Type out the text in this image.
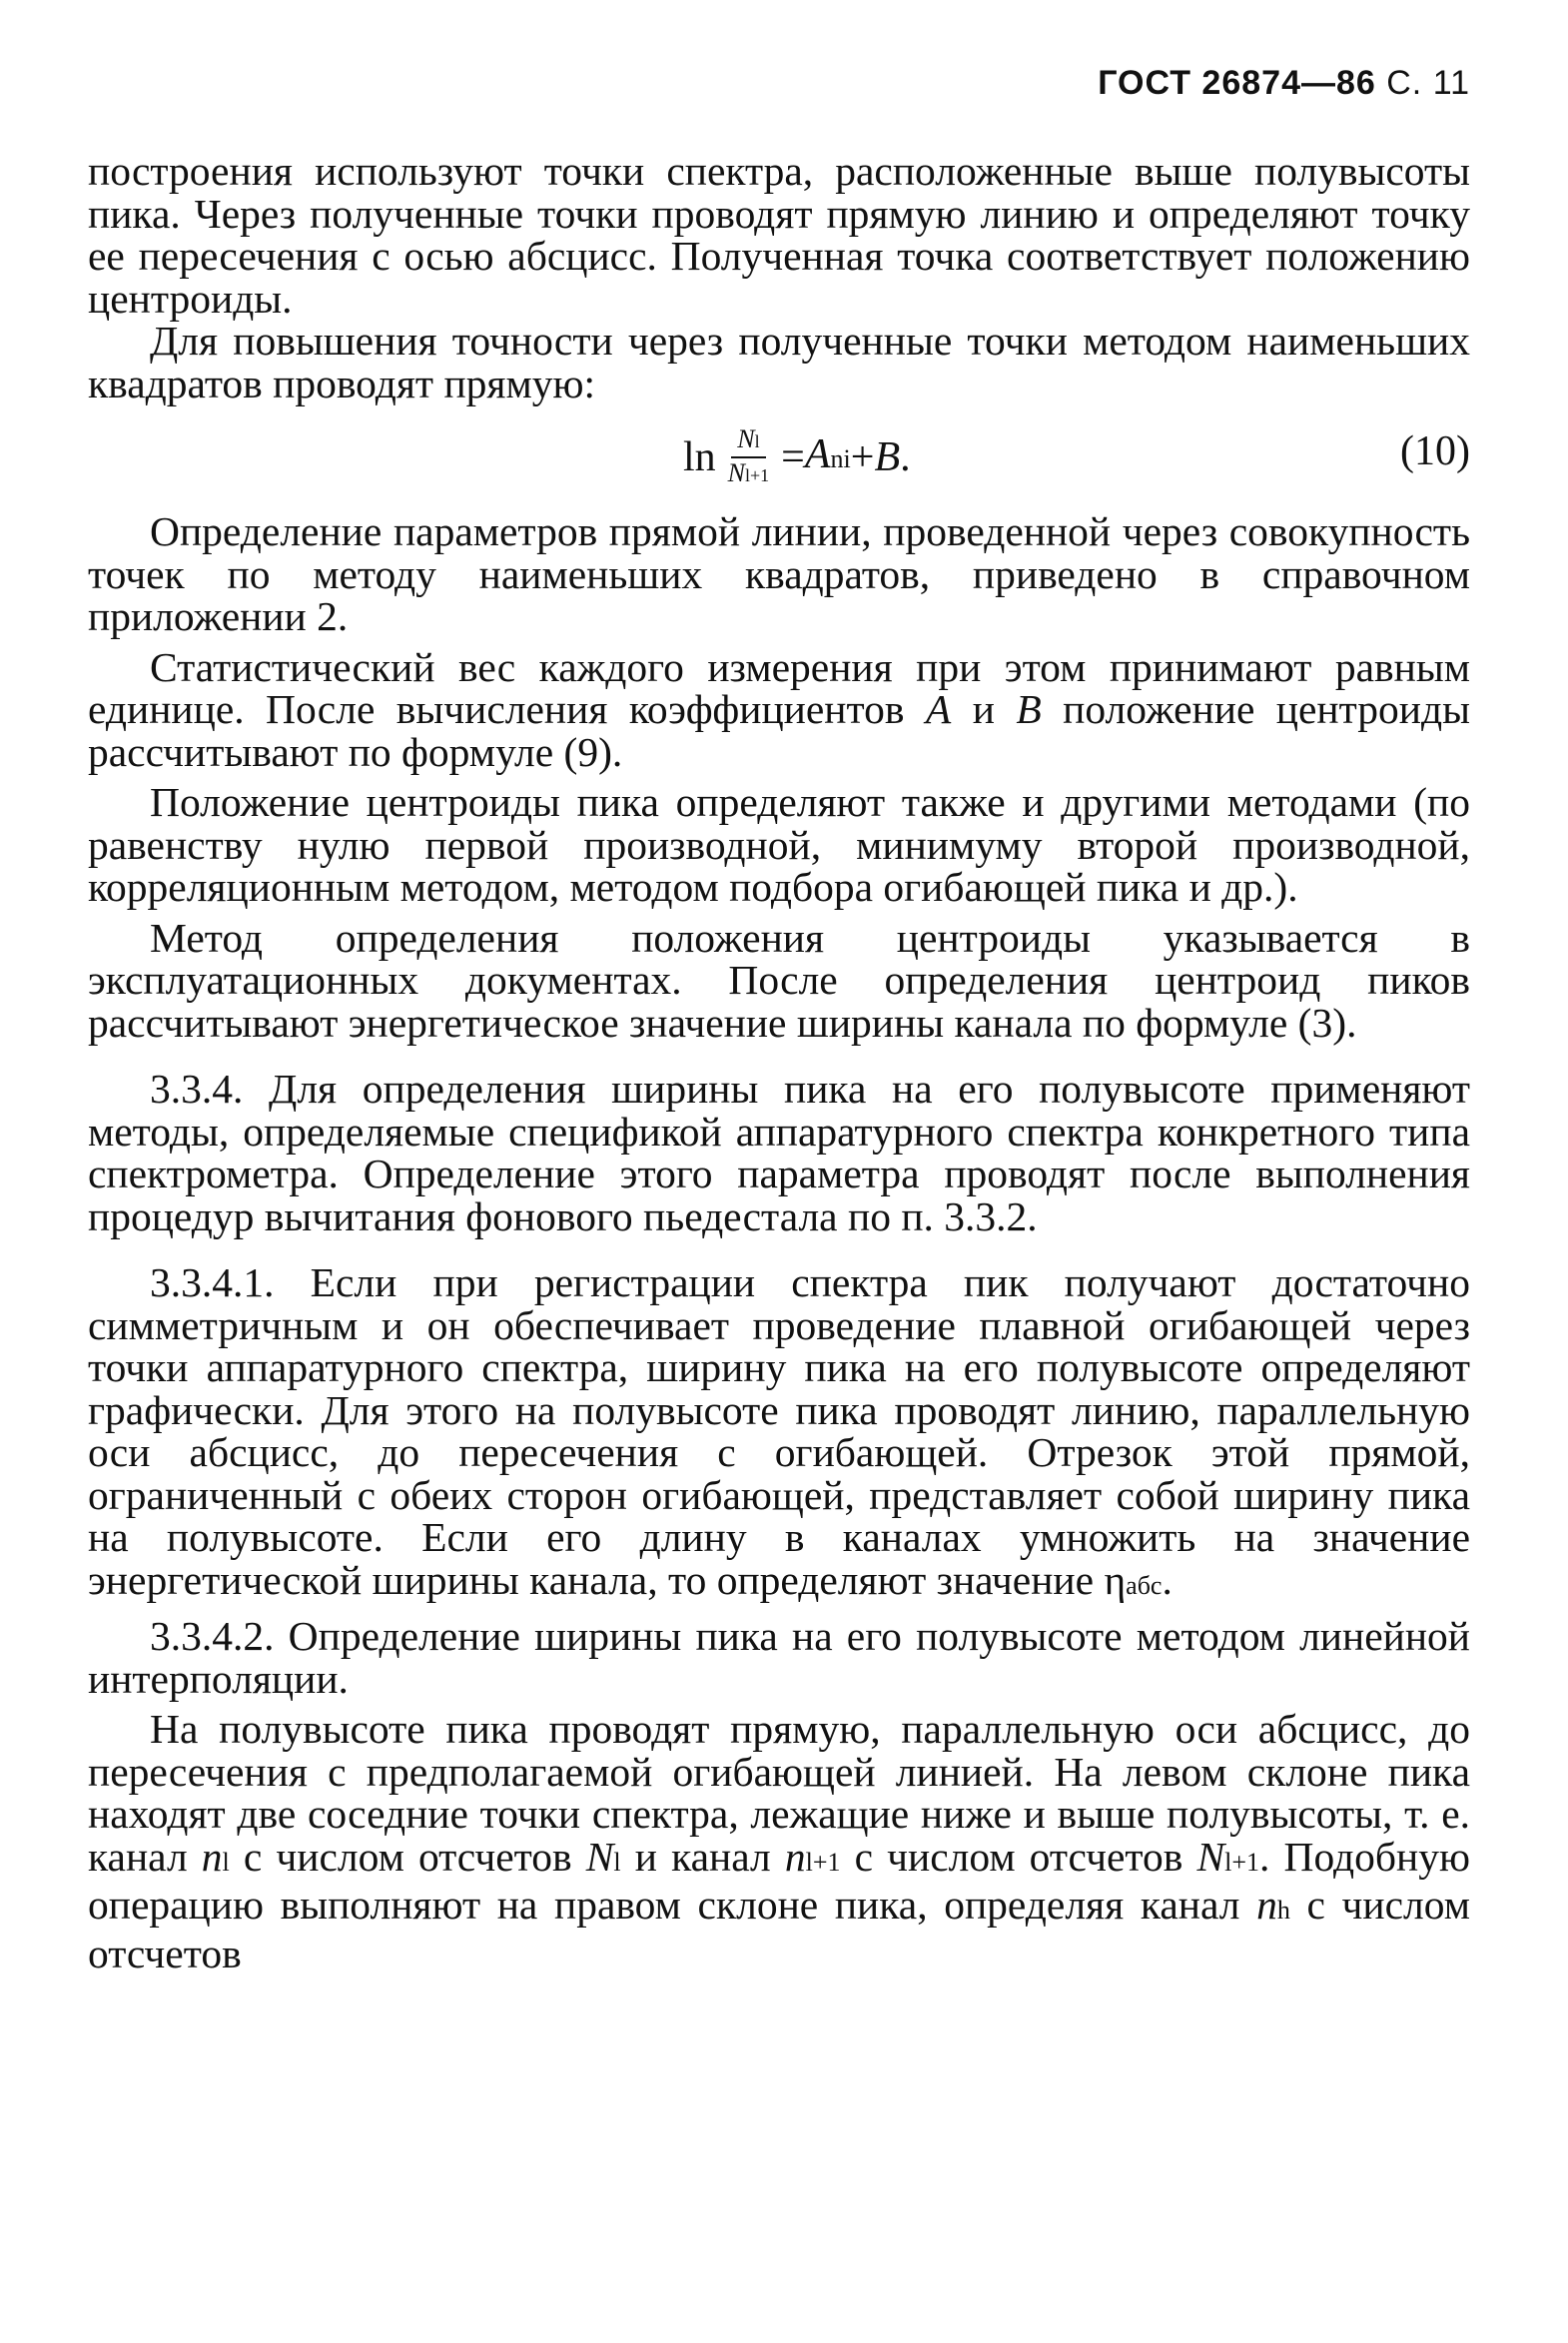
ГОСТ 26874—86 С. 11

построения используют точки спектра, расположенные выше полувысоты пика. Через полученные точки проводят прямую линию и определяют точку ее пересечения с осью абсцисс. Полученная точка соответствует положению центроиды.

Для повышения точности через полученные точки методом наименьших квадратов проводят прямую:

$\ln \frac{Nl}{Nl+1}$ = Ani + B .	(10)

Определение параметров прямой линии, проведенной через совокупность точек по методу наименьших квадратов, приведено в справочном приложении 2.

Статистический вес каждого измерения при этом принимают равным единице. После вычисления коэффициентов A и B положение центроиды рассчитывают по формуле (9).

Положение центроиды пика определяют также и другими методами (по равенству нулю первой производной, минимуму второй производной, корреляционным методом, методом подбора огибающей пика и др.).

Метод определения положения центроиды указывается в эксплуатационных документах. После определения центроид пиков рассчитывают энергетическое значение ширины канала по формуле (3).

3.3.4. Для определения ширины пика на его полувысоте применяют методы, определяемые спецификой аппаратурного спектра конкретного типа спектрометра. Определение этого параметра проводят после выполнения процедур вычитания фонового пьедестала по п. 3.3.2.

3.3.4.1. Если при регистрации спектра пик получают достаточно симметричным и он обеспечивает проведение плавной огибающей через точки аппаратурного спектра, ширину пика на его полувысоте определяют графически. Для этого на полувысоте пика проводят линию, параллельную оси абсцисс, до пересечения с огибающей. Отрезок этой прямой, ограниченный с обеих сторон огибающей, представляет собой ширину пика на полувысоте. Если его длину в каналах умножить на значение энергетической ширины канала, то определяют значение ηабс.

3.3.4.2. Определение ширины пика на его полувысоте методом линейной интерполяции.

На полувысоте пика проводят прямую, параллельную оси абсцисс, до пересечения с предполагаемой огибающей линией. На левом склоне пика находят две соседние точки спектра, лежащие ниже и выше полувысоты, т. е. канал nl с числом отсчетов Nl и канал nl+1 с числом отсчетов Nl+1. Подобную операцию выполняют на правом склоне пика, определяя канал nh с числом отсчетов
